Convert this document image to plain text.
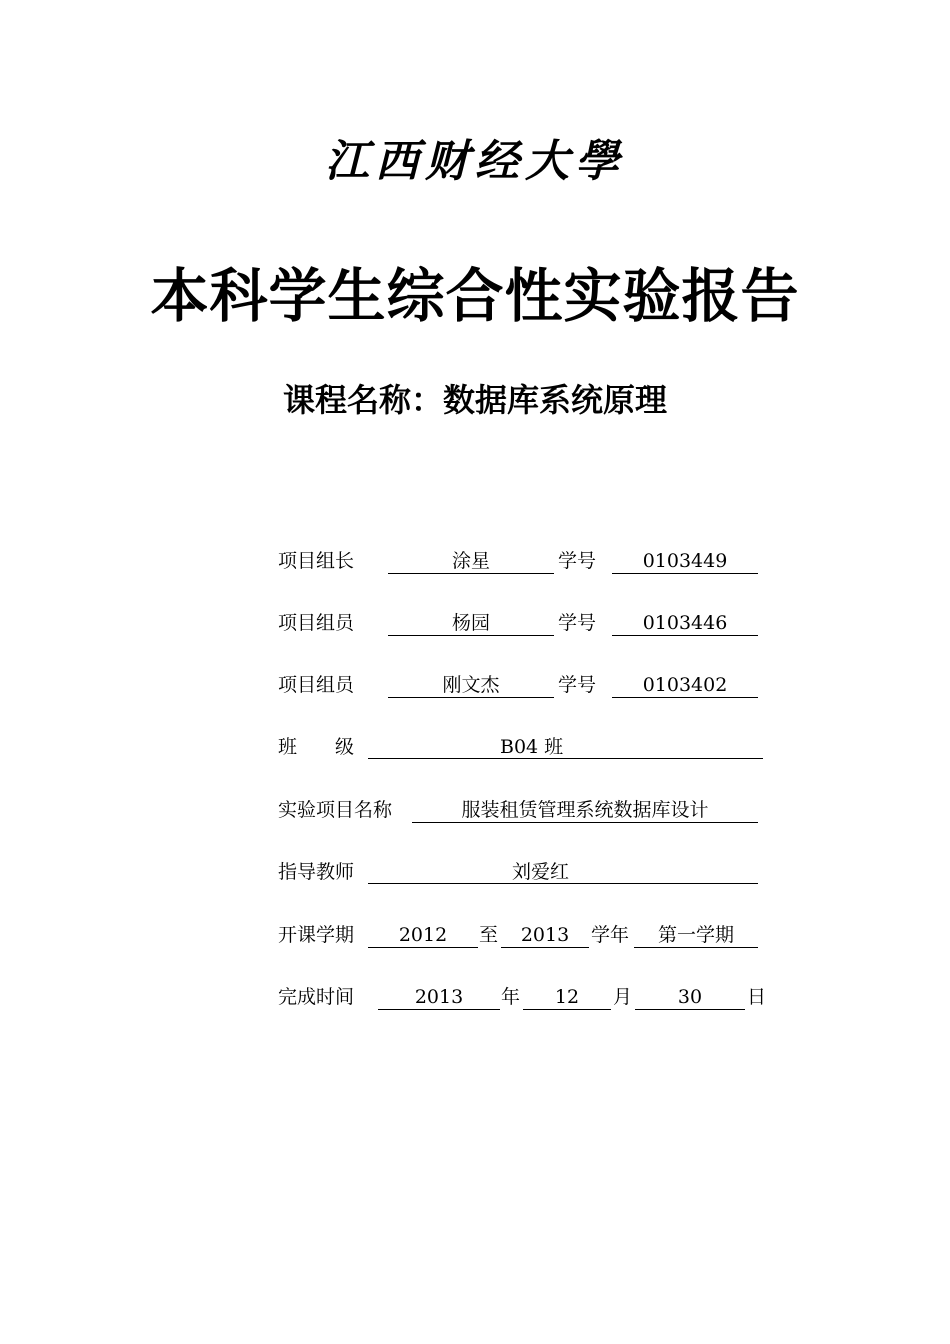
江西财经大學
本科学生综合性实验报告
课程名称：数据库系统原理
项目组长	涂星	学号	0103449
项目组员	杨园	学号	0103446
项目组员	刚文杰	学号	0103402
班　　级	B04 班
实验项目名称	服装租赁管理系统数据库设计
指导教师	刘爱红
开课学期	2012	至	2013	学年	第一学期
完成时间	2013	年	12	月	30	日
